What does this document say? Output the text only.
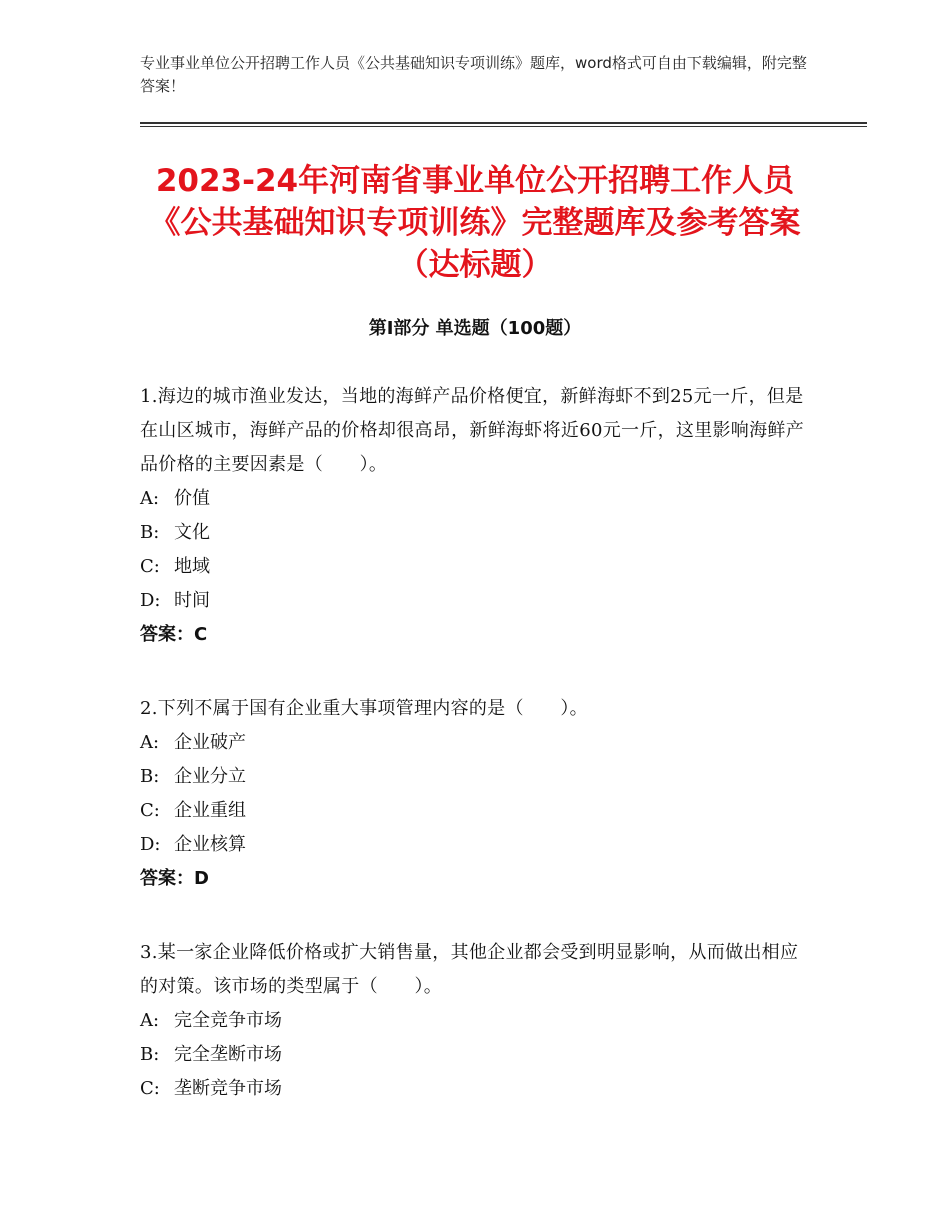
专业事业单位公开招聘工作人员《公共基础知识专项训练》题库，word格式可自由下载编辑，附完整答案！
2023-24年河南省事业单位公开招聘工作人员《公共基础知识专项训练》完整题库及参考答案（达标题）
第Ⅰ部分 单选题（100题）
1.海边的城市渔业发达，当地的海鲜产品价格便宜，新鲜海虾不到25元一斤，但是在山区城市，海鲜产品的价格却很高昂，新鲜海虾将近60元一斤，这里影响海鲜产品价格的主要因素是（　　）。
A: 价值
B: 文化
C: 地域
D: 时间
答案：C
2.下列不属于国有企业重大事项管理内容的是（　　）。
A: 企业破产
B: 企业分立
C: 企业重组
D: 企业核算
答案：D
3.某一家企业降低价格或扩大销售量，其他企业都会受到明显影响，从而做出相应的对策。该市场的类型属于（　　）。
A: 完全竞争市场
B: 完全垄断市场
C: 垄断竞争市场
